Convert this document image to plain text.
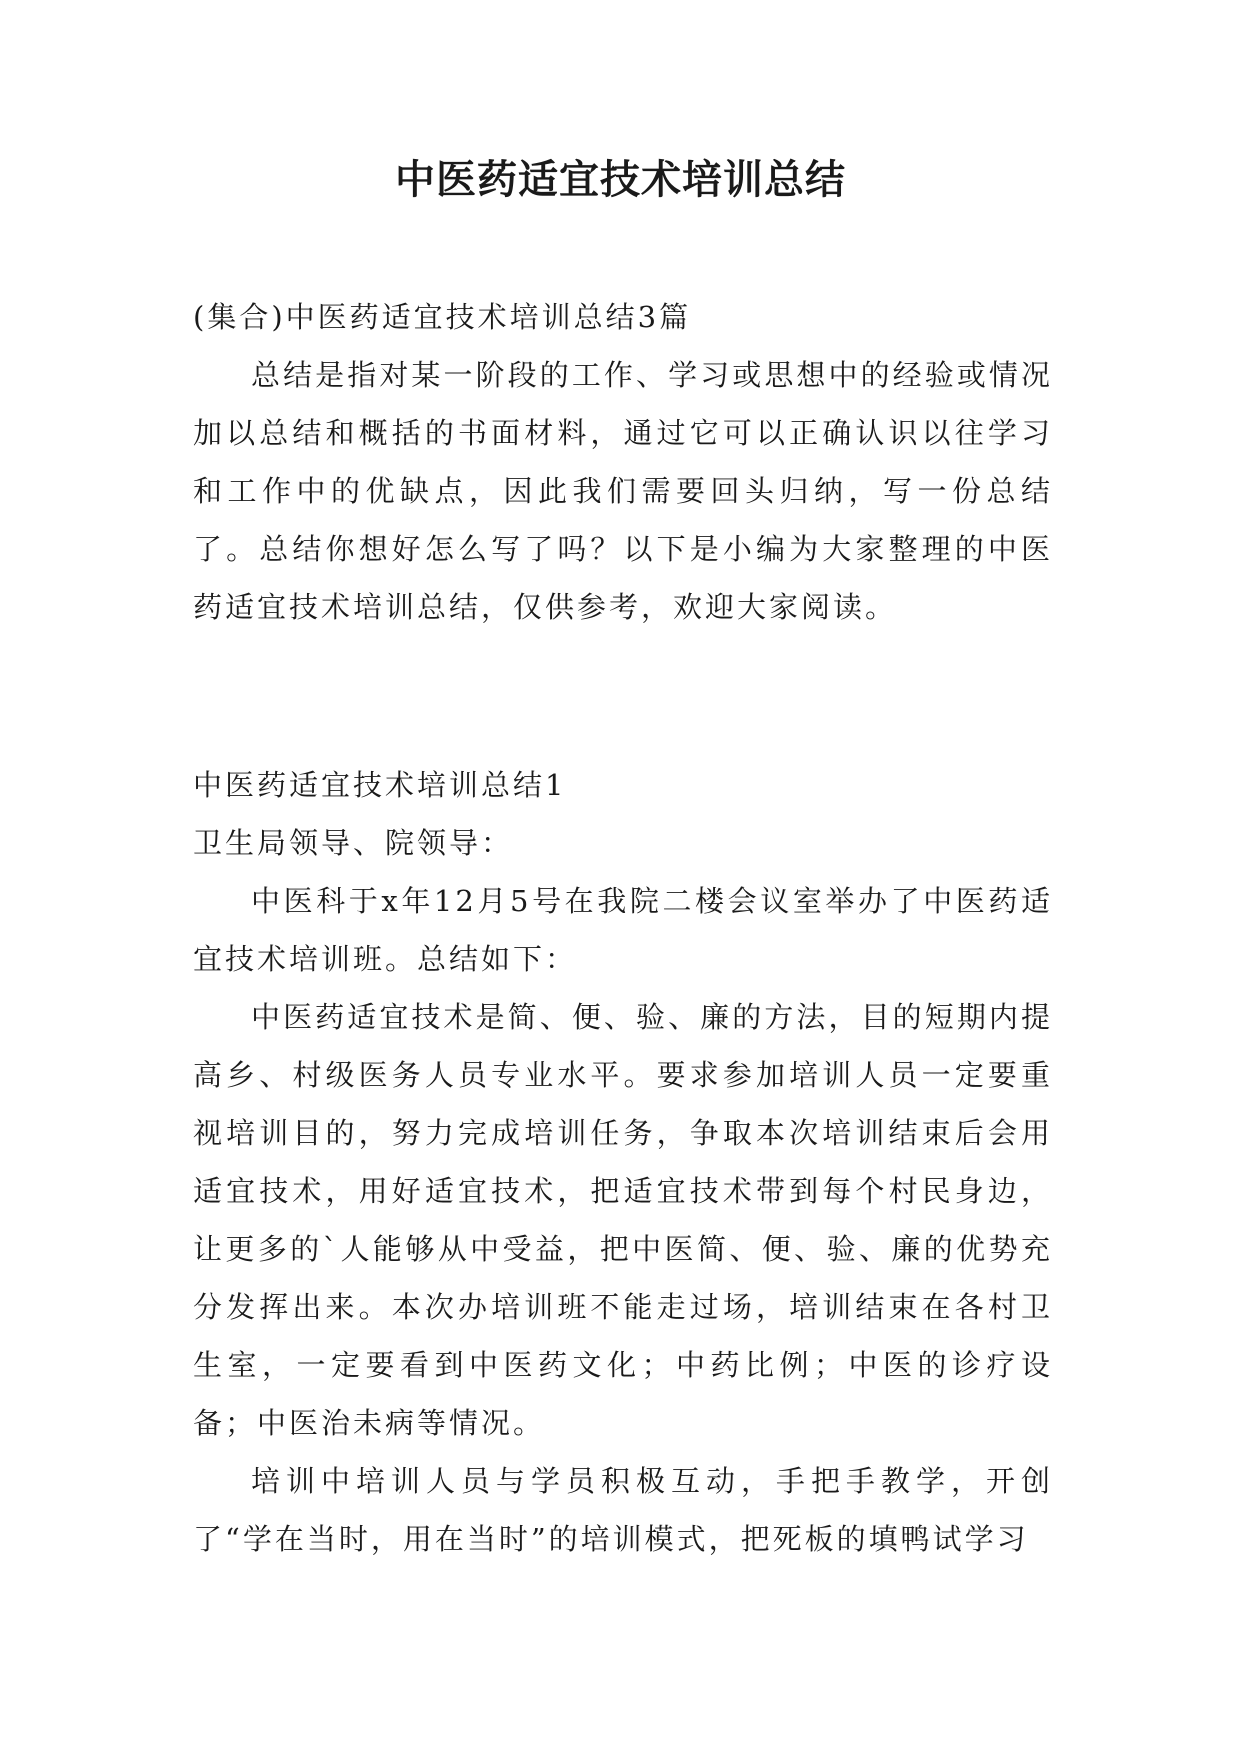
中医药适宜技术培训总结

(集合)中医药适宜技术培训总结3篇

总结是指对某一阶段的工作、学习或思想中的经验或情况加以总结和概括的书面材料，通过它可以正确认识以往学习和工作中的优缺点，因此我们需要回头归纳，写一份总结了。总结你想好怎么写了吗？以下是小编为大家整理的中医药适宜技术培训总结，仅供参考，欢迎大家阅读。

中医药适宜技术培训总结1

卫生局领导、院领导：

中医科于x年12月5号在我院二楼会议室举办了中医药适宜技术培训班。总结如下：

中医药适宜技术是简、便、验、廉的方法，目的短期内提高乡、村级医务人员专业水平。要求参加培训人员一定要重视培训目的，努力完成培训任务，争取本次培训结束后会用适宜技术，用好适宜技术，把适宜技术带到每个村民身边，让更多的`人能够从中受益，把中医简、便、验、廉的优势充分发挥出来。本次办培训班不能走过场，培训结束在各村卫生室，一定要看到中医药文化；中药比例；中医的诊疗设备；中医治未病等情况。

培训中培训人员与学员积极互动，手把手教学，开创了“学在当时，用在当时”的培训模式，把死板的填鸭试学习
